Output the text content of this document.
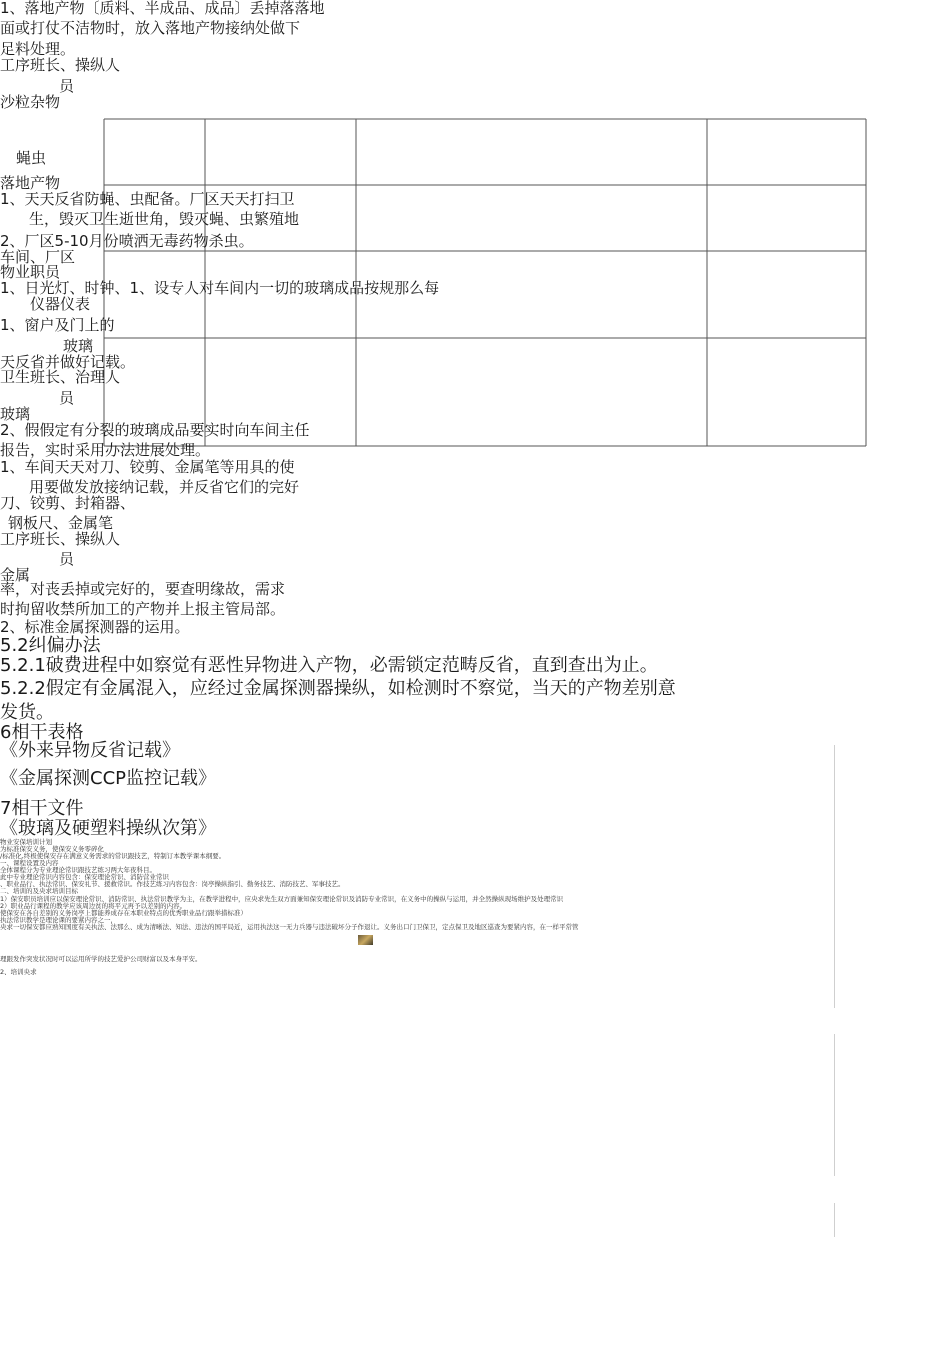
1、落地产物〔质料、半成品、成品〕丢掉落落地
面或打仗不洁物时，放入落地产物接纳处做下
足料处理。
工序班长、操纵人
员
沙粒杂物
蝇虫
落地产物
1、天天反省防蝇、虫配备。厂区天天打扫卫
生，毁灭卫生逝世角，毁灭蝇、虫繁殖地
2、厂区5-10月份喷洒无毒药物杀虫。
车间、厂区
物业职员
1、日光灯、时钟、1、设专人对车间内一切的玻璃成品按规那么每
仪器仪表
1、窗户及门上的
玻璃
天反省并做好记载。
卫生班长、治理人
员
玻璃
2、假假定有分裂的玻璃成品要实时向车间主任
报告，实时采用办法进展处理。
1、车间天天对刀、铰剪、金属笔等用具的使
用要做发放接纳记载，并反省它们的完好
刀、铰剪、封箱器、
钢板尺、金属笔
工序班长、操纵人
员
金属
率，对丧丢掉或完好的，要查明缘故，需求
时拘留收禁所加工的产物并上报主管局部。
2、标准金属探测器的运用。
5.2纠偏办法
5.2.1破费进程中如察觉有恶性异物进入产物，必需锁定范畴反省，直到查出为止。
5.2.2假定有金属混入，应经过金属探测器操纵，如检测时不察觉，当天的产物差别意
发货。
6相干表格
《外来异物反省记载》
《金属探测CCP监控记载》
7相干文件
《玻璃及硬塑料操纵次第》
物业安保培训计划
为标准保安义务，使保安义务零碎化
/标准化,终极使保安存在满意义务需求的常识跟技艺，特制订本教学课本纲要。
一、课程设置及内容
全体课程分为专业理论常识跟技艺练习两大年夜科目。
此中专业理论常识内容包含：保安理论常识、消防营业常识
、职业品行、执法常识、保安礼节、援救常识。作技艺练习内容包含：岗亭操纵指引、勤务技艺、消防技艺、军事技艺。
二、培训的及央求培训目标
1）保安职员培训应以保安理论常识、消防常识、执法常识教学为主，在教学进程中，应央求先生双方面兼知保安理论常识及消防专业常识，在义务中的操纵与运用，并全然操纵现场维护及处理常识
2）职业品行课程的教学应该周边贫的将平元再予以差别的内容。
使保安在各自差别的义务岗亭上都能养成存在本职业特点的优秀职业品行跟举措标准）
执法常识教学是理论课的要紧内容之一，
央求一切保安都应熟知国度有关执法、法那么、成为清晰法、知法、违法的国平局近，运用执法这一无力兵器与违法破坏分子作退让。义务出口门卫保卫，定点保卫及地区巡查为要紧内容，在一样平常管
理跟发作突发状况时可以运用所学的技艺爱护公司财富以及本身平安。
2、培训央求
